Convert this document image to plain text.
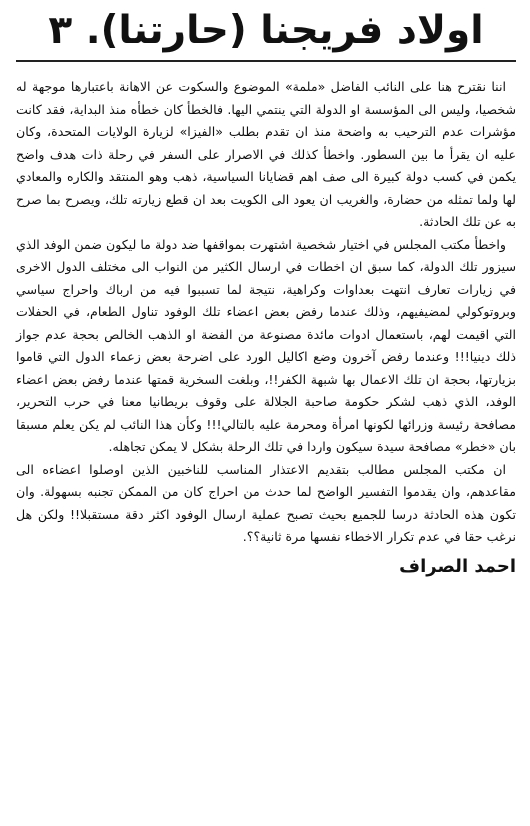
اولاد فريجنا (حارتنا). ٣

اننا نقترح هنا على النائب الفاضل «ملمة» الموضوع والسكوت عن الاهانة باعتبارها موجهة له شخصيا، وليس الى المؤسسة او الدولة التي ينتمي اليها. فالخطأ كان خطأه منذ البداية، فقد كانت مؤشرات عدم الترحيب به واضحة منذ ان تقدم بطلب «الفيزا» لزيارة الولايات المتحدة، وكان عليه ان يقرأ ما بين السطور. واخطأ كذلك في الاصرار على السفر في رحلة ذات هدف واضح يكمن في كسب دولة كبيرة الى صف اهم قضايانا السياسية، ذهب وهو المنتقد والكاره والمعادي لها ولما تمثله من حضارة، والغريب ان يعود الى الكويت بعد ان قطع زيارته تلك، ويصرح بما صرح به عن تلك الحادثة.

واخطأ مكتب المجلس في اختيار شخصية اشتهرت بمواقفها ضد دولة ما ليكون ضمن الوفد الذي سيزور تلك الدولة، كما سبق ان اخطات في ارسال الكثير من النواب الى مختلف الدول الاخرى في زيارات تعارف انتهت بعداوات وكراهية، نتيجة لما تسببوا فيه من ارباك واحراج سياسي وبروتوكولي لمضيفيهم، وذلك عندما رفض بعض اعضاء تلك الوفود تناول الطعام، في الحفلات التي اقيمت لهم، باستعمال ادوات مائدة مصنوعة من الفضة او الذهب الخالص بحجة عدم جواز ذلك دينيا!!! وعندما رفض آخرون وضع اكاليل الورد على اضرحة بعض زعماء الدول التي قاموا بزيارتها، بحجة ان تلك الاعمال بها شبهة الكفر!!، وبلغت السخرية قمتها عندما رفض بعض اعضاء الوفد، الذي ذهب لشكر حكومة صاحبة الجلالة على وقوف بريطانيا معنا في حرب التحرير، مصافحة رئيسة وزرائها لكونها امرأة ومحرمة عليه بالتالي!!! وكأن هذا النائب لم يكن يعلم مسبقا بان «خطر» مصافحة سيدة سيكون واردا في تلك الرحلة بشكل لا يمكن تجاهله.

ان مكتب المجلس مطالب بتقديم الاعتذار المناسب للناخبين الذين اوصلوا اعضاءه الى مقاعدهم، وان يقدموا التفسير الواضح لما حدث من احراج كان من الممكن تجنبه بسهولة. وان تكون هذه الحادثة درسا للجميع بحيث تصبح عملية ارسال الوفود اكثر دقة مستقبلا!! ولكن هل نرغب حقا في عدم تكرار الاخطاء نفسها مرة ثانية؟؟.

احمد الصراف
